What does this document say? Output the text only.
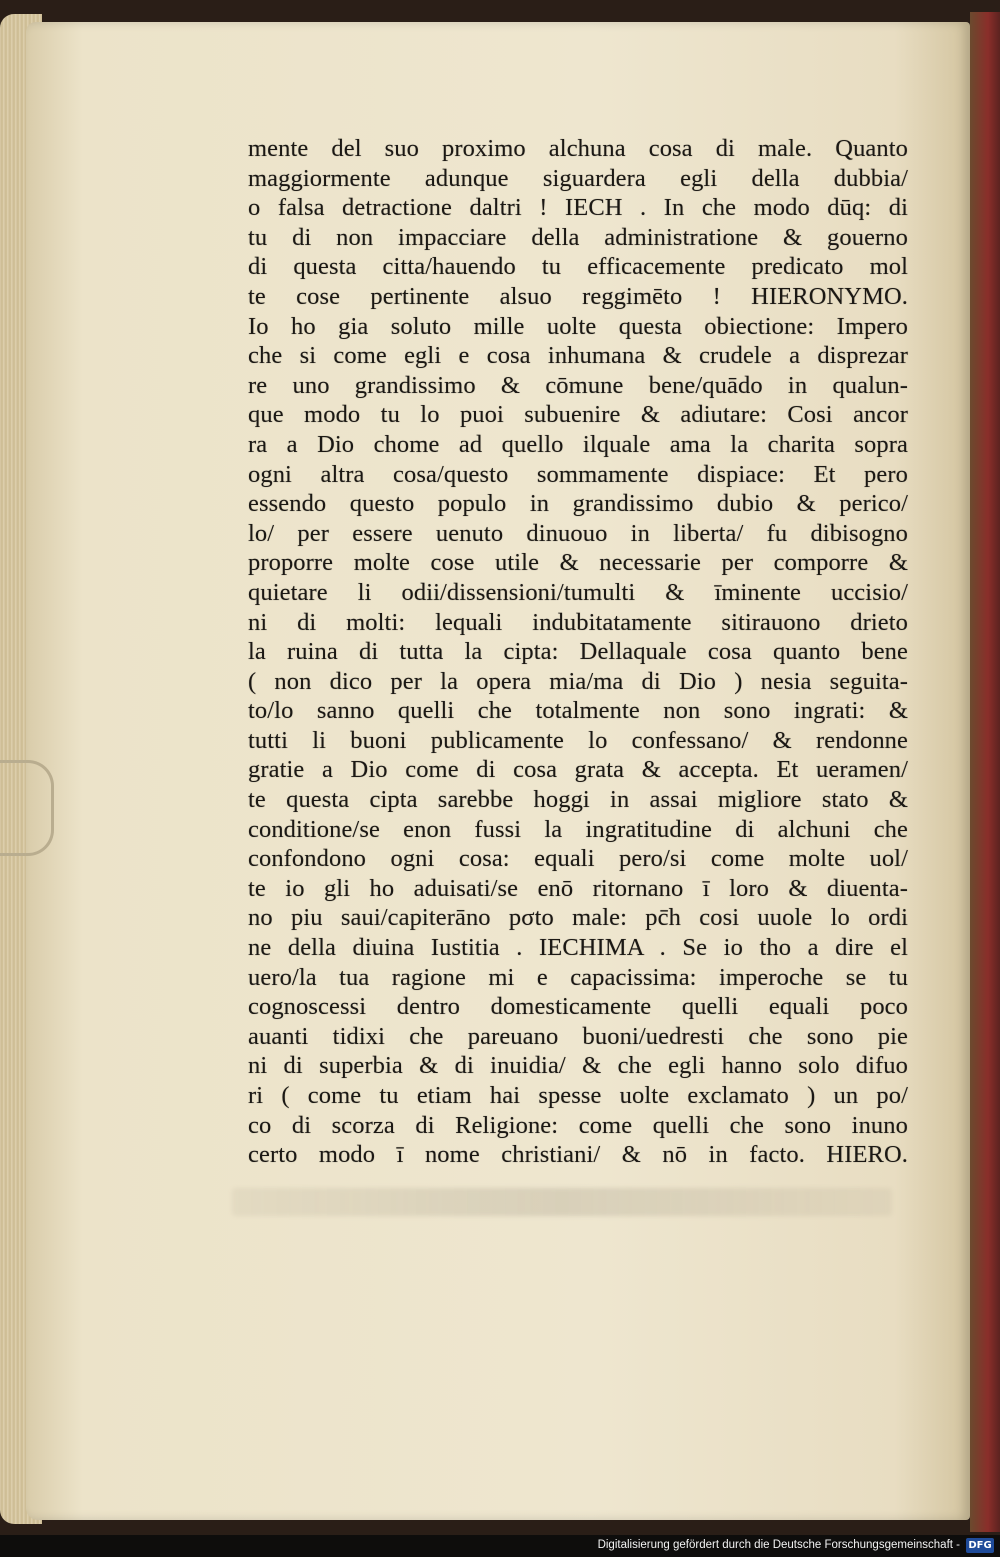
mente del suo proximo alchuna cosa di male. Quanto
maggiormente adunque siguardera egli della dubbia/
o falsa detractione daltri ! IECH . In che modo dūq: di
tu di non impacciare della administratione & gouerno
di questa citta/hauendo tu efficacemente predicato mol
te cose pertinente alsuo reggimēto ! HIERONYMO.
Io ho gia soluto mille uolte questa obiectione: Impero
che si come egli e cosa inhumana & crudele a disprezar
re uno grandissimo & cōmune bene/quādo in qualun-
que modo tu lo puoi subuenire & adiutare: Cosi ancor
ra a Dio chome ad quello ilquale ama la charita sopra
ogni altra cosa/questo sommamente dispiace: Et pero
essendo questo populo in grandissimo dubio & perico/
lo/ per essere uenuto dinuouo in liberta/ fu dibisogno
proporre molte cose utile & necessarie per comporre &
quietare li odii/dissensioni/tumulti & īminente uccisio/
ni di molti: lequali indubitatamente sitirauono drieto
la ruina di tutta la cipta: Dellaquale cosa quanto bene
( non dico per la opera mia/ma di Dio ) nesia seguita-
to/lo sanno quelli che totalmente non sono ingrati: &
tutti li buoni publicamente lo confessano/ & rendonne
gratie a Dio come di cosa grata & accepta. Et ueramen/
te questa cipta sarebbe hoggi in assai migliore stato &
conditione/se enon fussi la ingratitudine di alchuni che
confondono ogni cosa: equali pero/si come molte uol/
te io gli ho aduisati/se enō ritornano ī loro & diuenta-
no piu saui/capiterāno pσto male: pc̄h cosi uuole lo ordi
ne della diuina Iustitia . IECHIMA . Se io tho a dire el
uero/la tua ragione mi e capacissima: imperoche se tu
cognoscessi dentro domesticamente quelli equali poco
auanti tidixi che pareuano buoni/uedresti che sono pie
ni di superbia & di inuidia/ & che egli hanno solo difuo
ri ( come tu etiam hai spesse uolte exclamato ) un po/
co di scorza di Religione: come quelli che sono inuno
certo modo ī nome christiani/ & nō in facto. HIERO.
Digitalisierung gefördert durch die Deutsche Forschungsgemeinschaft - DFG
